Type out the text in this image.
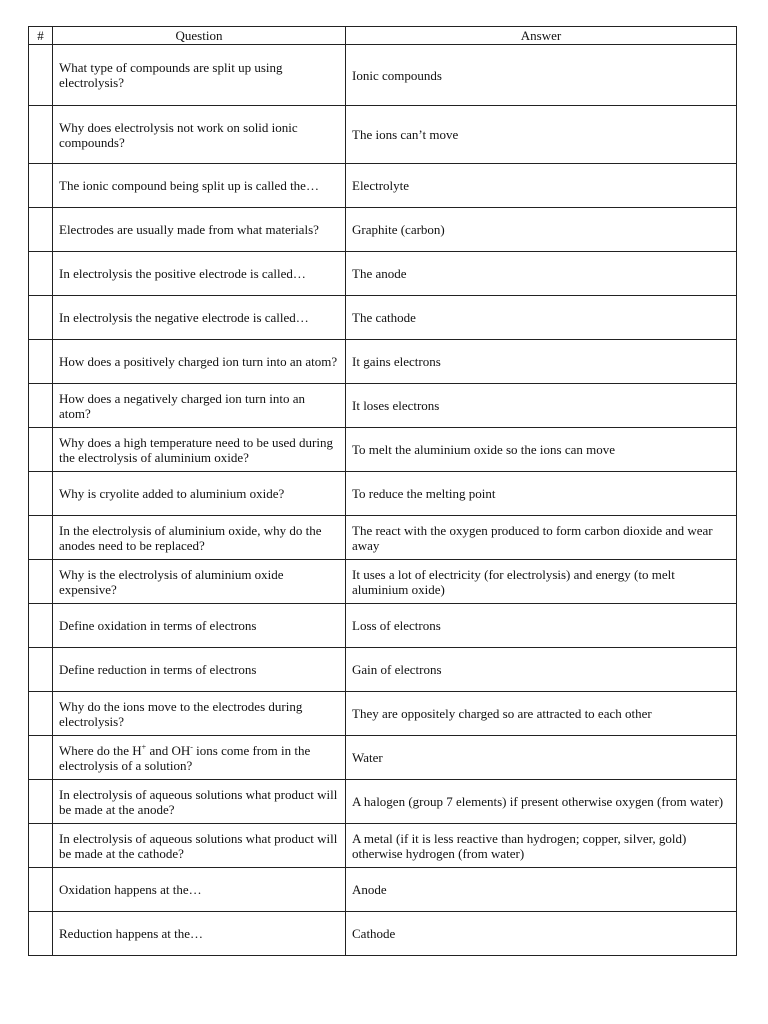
#	Question	Answer
	What type of compounds are split up using electrolysis?	Ionic compounds
	Why does electrolysis not work on solid ionic compounds?	The ions can’t move
	The ionic compound being split up is called the…	Electrolyte
	Electrodes are usually made from what materials?	Graphite (carbon)
	In electrolysis the positive electrode is called…	The anode
	In electrolysis the negative electrode is called…	The cathode
	How does a positively charged ion turn into an atom?	It gains electrons
	How does a negatively charged ion turn into an atom?	It loses electrons
	Why does a high temperature need to be used during the electrolysis of aluminium oxide?	To melt the aluminium oxide so the ions can move
	Why is cryolite added to aluminium oxide?	To reduce the melting point
	In the electrolysis of aluminium oxide, why do the anodes need to be replaced?	The react with the oxygen produced to form carbon dioxide and wear away
	Why is the electrolysis of aluminium oxide expensive?	It uses a lot of electricity (for electrolysis) and energy (to melt aluminium oxide)
	Define oxidation in terms of electrons	Loss of electrons
	Define reduction in terms of electrons	Gain of electrons
	Why do the ions move to the electrodes during electrolysis?	They are oppositely charged so are attracted to each other
	Where do the H+ and OH- ions come from in the electrolysis of a solution?	Water
	In electrolysis of aqueous solutions what product will be made at the anode?	A halogen (group 7 elements) if present otherwise oxygen (from water)
	In electrolysis of aqueous solutions what product will be made at the cathode?	A metal (if it is less reactive than hydrogen; copper, silver, gold) otherwise hydrogen (from water)
	Oxidation happens at the…	Anode
	Reduction happens at the…	Cathode
